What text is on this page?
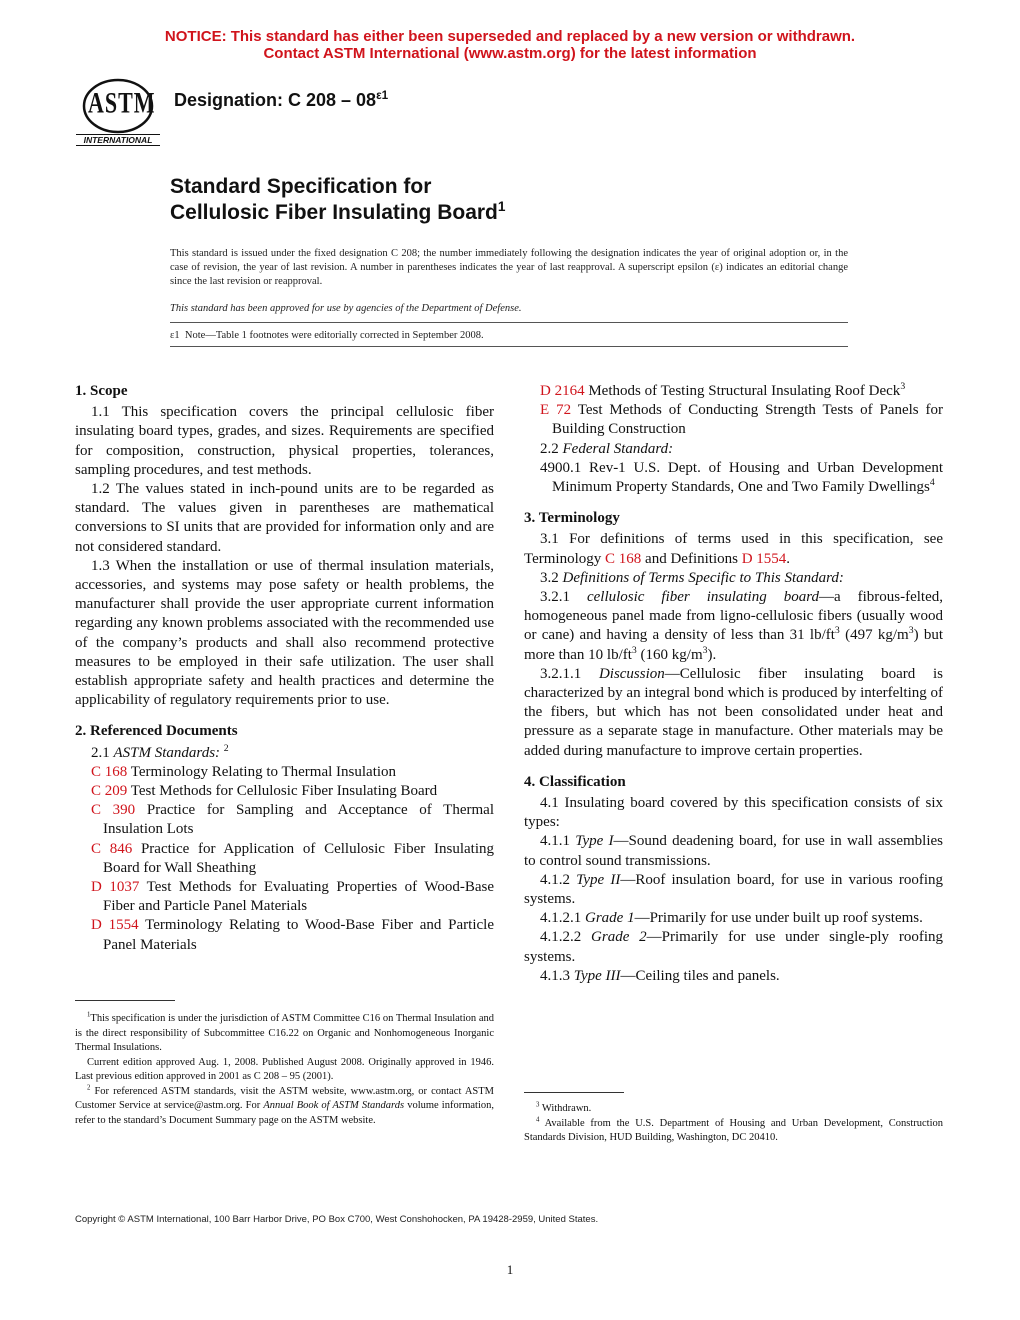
NOTICE: This standard has either been superseded and replaced by a new version or withdrawn.
Contact ASTM International (www.astm.org) for the latest information
ASTM
INTERNATIONAL
Designation: C $208 - 08^{\varepsilon 1}$
Standard Specification for
Cellulosic Fiber Insulating Board$^1$
This standard is issued under the fixed designation C 208; the number immediately following the designation indicates the year of original adoption or, in the case of revision, the year of last revision. A number in parentheses indicates the year of last reapproval. A superscript epsilon (ε) indicates an editorial change since the last revision or reapproval.
This standard has been approved for use by agencies of the Department of Defense.
ε1 Note—Table 1 footnotes were editorially corrected in September 2008.

1. Scope

1.1 This specification covers the principal cellulosic fiber insulating board types, grades, and sizes. Requirements are specified for composition, construction, physical properties, tolerances, sampling procedures, and test methods.

1.2 The values stated in inch-pound units are to be regarded as standard. The values given in parentheses are mathematical conversions to SI units that are provided for information only and are not considered standard.

1.3 When the installation or use of thermal insulation materials, accessories, and systems may pose safety or health problems, the manufacturer shall provide the user appropriate current information regarding any known problems associated with the recommended use of the company’s products and shall also recommend protective measures to be employed in their safe utilization. The user shall establish appropriate safety and health practices and determine the applicability of regulatory requirements prior to use.

2. Referenced Documents

2.1 ASTM Standards: $^2$

C 168 Terminology Relating to Thermal Insulation

C 209 Test Methods for Cellulosic Fiber Insulating Board

C 390 Practice for Sampling and Acceptance of Thermal Insulation Lots

C 846 Practice for Application of Cellulosic Fiber Insulating Board for Wall Sheathing

D 1037 Test Methods for Evaluating Properties of Wood-Base Fiber and Particle Panel Materials

D 1554 Terminology Relating to Wood-Base Fiber and Particle Panel Materials

$^1$This specification is under the jurisdiction of ASTM Committee C16 on Thermal Insulation and is the direct responsibility of Subcommittee C16.22 on Organic and Nonhomogeneous Inorganic Thermal Insulations.

Current edition approved Aug. 1, 2008. Published August 2008. Originally approved in 1946. Last previous edition approved in 2001 as C 208 – 95 (2001).

$^2$ For referenced ASTM standards, visit the ASTM website, www.astm.org, or contact ASTM Customer Service at service@astm.org. For Annual Book of ASTM Standards volume information, refer to the standard’s Document Summary page on the ASTM website.

D 2164 Methods of Testing Structural Insulating Roof Deck$^3$

E 72 Test Methods of Conducting Strength Tests of Panels for Building Construction

2.2 Federal Standard:

4900.1 Rev-1 U.S. Dept. of Housing and Urban Development Minimum Property Standards, One and Two Family Dwellings$^4$

3. Terminology

3.1 For definitions of terms used in this specification, see Terminology C 168 and Definitions D 1554.

3.2 Definitions of Terms Specific to This Standard:

3.2.1 cellulosic fiber insulating board—a fibrous-felted, homogeneous panel made from ligno-cellulosic fibers (usually wood or cane) and having a density of less than 31 $lb/ft^3$ (497 $kg/m^3$) but more than 10 $lb/ft^3$ (160 $kg/m^3$).

3.2.1.1 Discussion—Cellulosic fiber insulating board is characterized by an integral bond which is produced by interfelting of the fibers, but which has not been consolidated under heat and pressure as a separate stage in manufacture. Other materials may be added during manufacture to improve certain properties.

4. Classification

4.1 Insulating board covered by this specification consists of six types:

4.1.1 Type I—Sound deadening board, for use in wall assemblies to control sound transmissions.

4.1.2 Type II—Roof insulation board, for use in various roofing systems.

4.1.2.1 Grade 1—Primarily for use under built up roof systems.

4.1.2.2 Grade 2—Primarily for use under single-ply roofing systems.

4.1.3 Type III—Ceiling tiles and panels.

$^3$ Withdrawn.

$^4$ Available from the U.S. Department of Housing and Urban Development, Construction Standards Division, HUD Building, Washington, DC 20410.

Copyright © ASTM International, 100 Barr Harbor Drive, PO Box C700, West Conshohocken, PA 19428-2959, United States.
1
